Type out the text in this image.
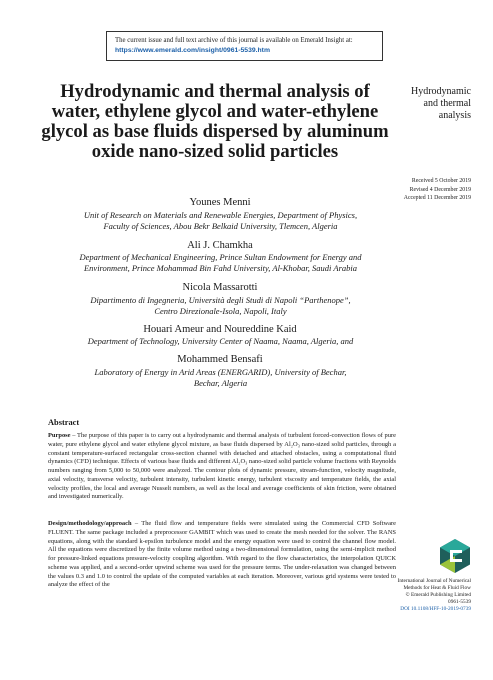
The current issue and full text archive of this journal is available on Emerald Insight at:
https://www.emerald.com/insight/0961-5539.htm
Hydrodynamic and thermal analysis of water, ethylene glycol and water-ethylene glycol as base fluids dispersed by aluminum oxide nano-sized solid particles
Hydrodynamic
and thermal
analysis
Received 5 October 2019
Revised 4 December 2019
Accepted 11 December 2019
Younes Menni
Unit of Research on Materials and Renewable Energies, Department of Physics,
Faculty of Sciences, Abou Bekr Belkaid University, Tlemcen, Algeria
Ali J. Chamkha
Department of Mechanical Engineering, Prince Sultan Endowment for Energy and
Environment, Prince Mohammad Bin Fahd University, Al-Khobar, Saudi Arabia
Nicola Massarotti
Dipartimento di Ingegneria, Università degli Studi di Napoli “Parthenope”,
Centro Direzionale-Isola, Napoli, Italy
Houari Ameur and Noureddine Kaid
Department of Technology, University Center of Naama, Naama, Algeria, and
Mohammed Bensafi
Laboratory of Energy in Arid Areas (ENERGARID), University of Bechar,
Bechar, Algeria
Abstract

Purpose – The purpose of this paper is to carry out a hydrodynamic and thermal analysis of turbulent forced-convection flows of pure water, pure ethylene glycol and water ethylene glycol mixture, as base fluids dispersed by Al₂O₃ nano-sized solid particles, through a constant temperature-surfaced rectangular cross-section channel with detached and attached obstacles, using a computational fluid dynamics (CFD) technique. Effects of various base fluids and different Al₂O₃ nano-sized solid particle volume fractions with Reynolds numbers ranging from 5,000 to 50,000 were analyzed. The contour plots of dynamic pressure, stream-function, velocity magnitude, axial velocity, transverse velocity, turbulent intensity, turbulent kinetic energy, turbulent viscosity and temperature fields, the axial velocity profiles, the local and average Nusselt numbers, as well as the local and average coefficients of skin friction, were obtained and investigated numerically.

Design/methodology/approach – The fluid flow and temperature fields were simulated using the Commercial CFD Software FLUENT. The same package included a preprocessor GAMBIT which was used to create the mesh needed for the solver. The RANS equations, along with the standard k-epsilon turbulence model and the energy equation were used to control the channel flow model. All the equations were discretized by the finite volume method using a two-dimensional formulation, using the semi-implicit method for pressure-linked equations pressure-velocity coupling algorithm. With regard to the flow characteristics, the interpolation QUICK scheme was applied, and a second-order upwind scheme was used for the pressure terms. The under-relaxation was changed between the values 0.3 and 1.0 to control the update of the computed variables at each iteration. Moreover, various grid systems were tested to analyze the effect of the

International Journal of Numerical
Methods for Heat & Fluid Flow
© Emerald Publishing Limited
0961-5539
DOI 10.1108/HFF-10-2019-0739
